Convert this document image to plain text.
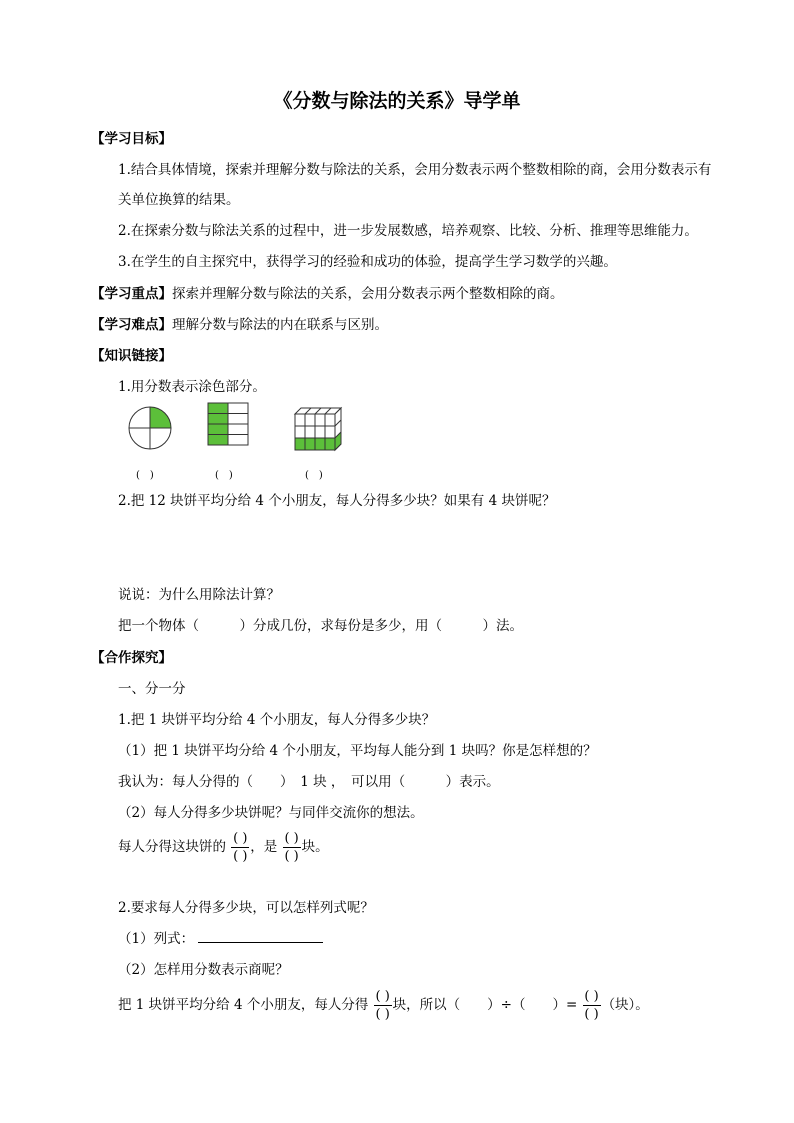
《分数与除法的关系》导学单
【学习目标】
1.结合具体情境，探索并理解分数与除法的关系，会用分数表示两个整数相除的商，会用分数表示有
关单位换算的结果。
2.在探索分数与除法关系的过程中，进一步发展数感，培养观察、比较、分析、推理等思维能力。
3.在学生的自主探究中，获得学习的经验和成功的体验，提高学生学习数学的兴趣。
【学习重点】探索并理解分数与除法的关系，会用分数表示两个整数相除的商。
【学习难点】理解分数与除法的内在联系与区别。
【知识链接】
1.用分数表示涂色部分。
(　)	(　)	(　)
2.把 12 块饼平均分给 4 个小朋友，每人分得多少块？如果有 4 块饼呢？
说说：为什么用除法计算？
把一个物体（　　　）分成几份，求每份是多少，用（　　　）法。
【合作探究】
一、分一分
1.把 1 块饼平均分给 4 个小朋友，每人分得多少块？
（1）把 1 块饼平均分给 4 个小朋友，平均每人能分到 1 块吗？你是怎样想的？
我认为：每人分得的（　　）　1 块 ，　可以用（　　　）表示。
（2）每人分得多少块饼呢？与同伴交流你的想法。
每人分得这块饼的 $\frac{( )}{( )}$ ，是 $\frac{( )}{( )}$ 块。
2.要求每人分得多少块，可以怎样列式呢？
（1）列式：
（2）怎样用分数表示商呢？
把 1 块饼平均分给 4 个小朋友，每人分得 $\frac{( )}{( )}$ 块，所以（　　）÷（　　）= $\frac{( )}{( )}$ （块）。
